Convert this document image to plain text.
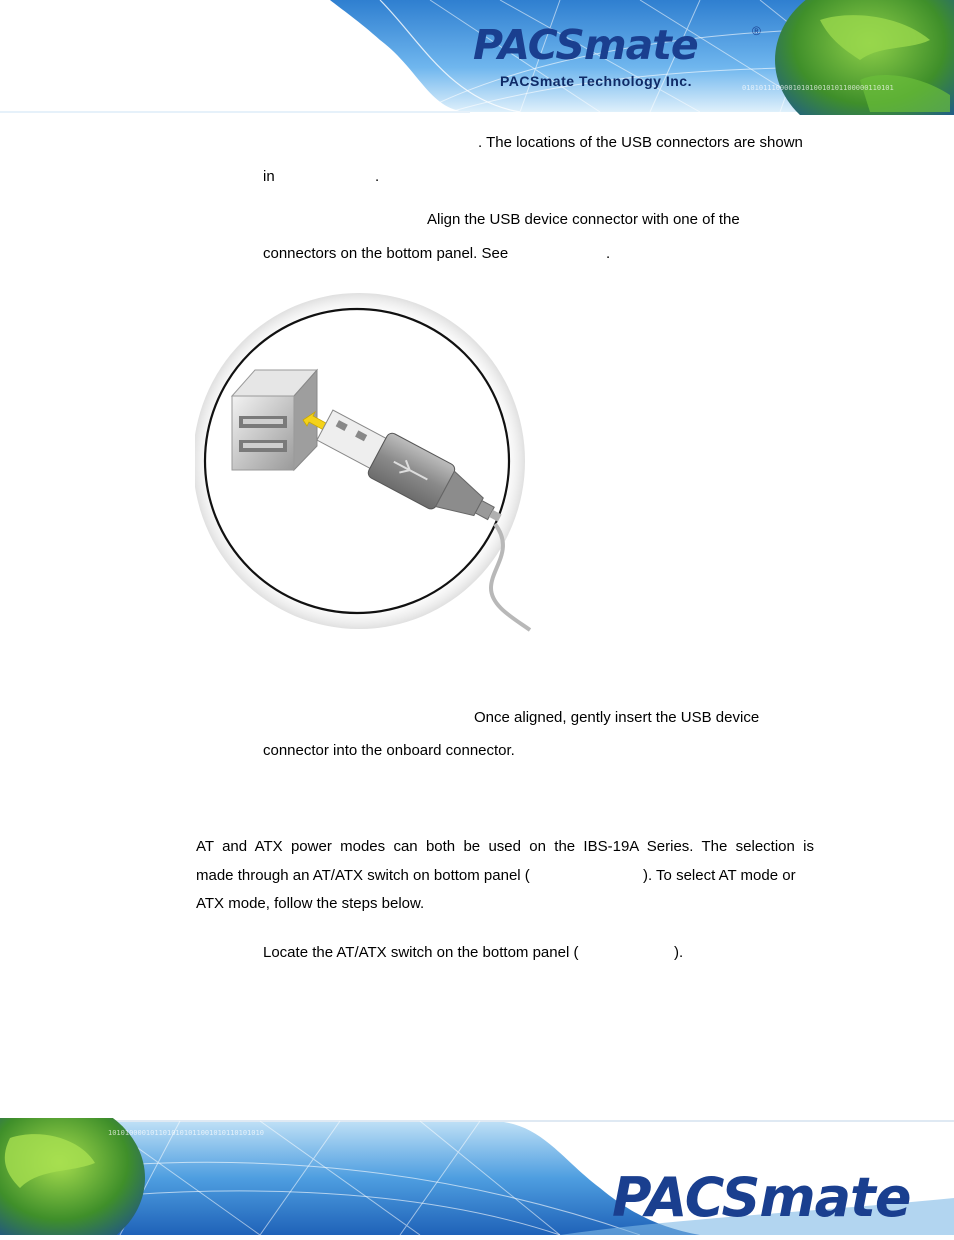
PACSmate	®
PACSmate Technology Inc.	010101110000101010010101100000110101
. The locations of the USB connectors are shown
in	.
Align the USB device connector with one of the
connectors on the bottom panel. See	.
Once aligned, gently insert the USB device
connector into the onboard connector.
AT and ATX power modes can both be used on the IBS-19A Series. The selection is
made through an AT/ATX switch on bottom panel (	). To select AT mode or
ATX mode, follow the steps below.
Locate the AT/ATX switch on the bottom panel (	).
1010100001011010101011001010110101010
PACSmate
